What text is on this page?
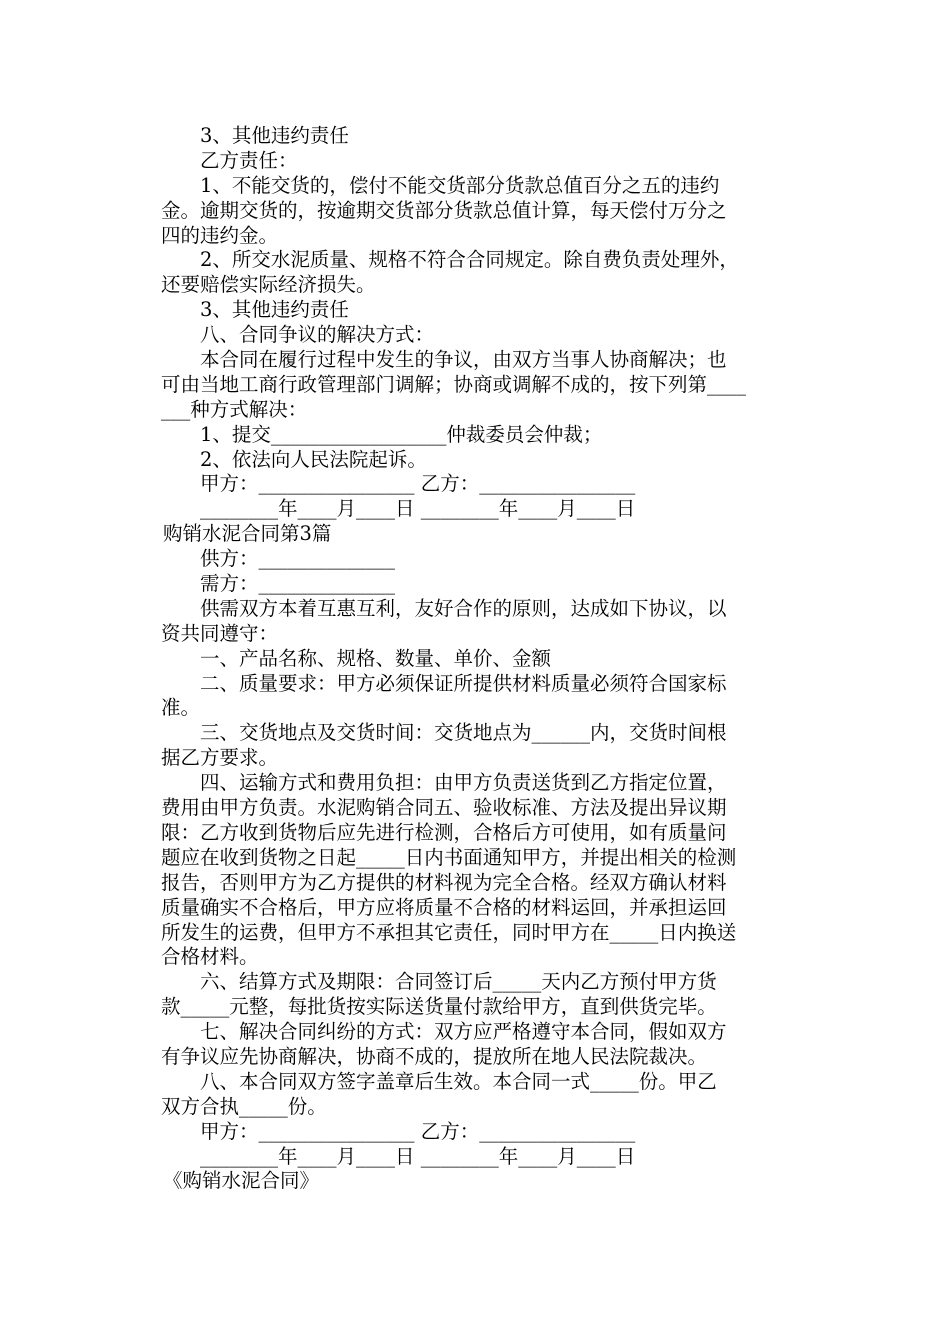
3、其他违约责任
乙方责任：
1、不能交货的，偿付不能交货部分货款总值百分之五的违约
金。逾期交货的，按逾期交货部分货款总值计算，每天偿付万分之
四的违约金。
2、所交水泥质量、规格不符合合同规定。除自费负责处理外，
还要赔偿实际经济损失。
3、其他违约责任
八、合同争议的解决方式：
本合同在履行过程中发生的争议，由双方当事人协商解决；也
可由当地工商行政管理部门调解；协商或调解不成的，按下列第____
___种方式解决：
1、提交__________________仲裁委员会仲裁；
2、依法向人民法院起诉。
甲方：________________ 乙方：________________
________年____月____日 ________年____月____日
购销水泥合同第3篇
供方：______________
需方：______________
供需双方本着互惠互利，友好合作的原则，达成如下协议，以
资共同遵守：
一、产品名称、规格、数量、单价、金额
二、质量要求：甲方必须保证所提供材料质量必须符合国家标
准。
三、交货地点及交货时间：交货地点为______内，交货时间根
据乙方要求。
四、运输方式和费用负担：由甲方负责送货到乙方指定位置，
费用由甲方负责。水泥购销合同五、验收标准、方法及提出异议期
限：乙方收到货物后应先进行检测，合格后方可使用，如有质量问
题应在收到货物之日起_____日内书面通知甲方，并提出相关的检测
报告，否则甲方为乙方提供的材料视为完全合格。经双方确认材料
质量确实不合格后，甲方应将质量不合格的材料运回，并承担运回
所发生的运费，但甲方不承担其它责任，同时甲方在_____日内换送
合格材料。
六、结算方式及期限：合同签订后_____天内乙方预付甲方货
款_____元整，每批货按实际送货量付款给甲方，直到供货完毕。
七、解决合同纠纷的方式：双方应严格遵守本合同，假如双方
有争议应先协商解决，协商不成的，提放所在地人民法院裁决。
八、本合同双方签字盖章后生效。本合同一式_____份。甲乙
双方合执_____份。
甲方：________________ 乙方：________________
________年____月____日 ________年____月____日
《购销水泥合同》
